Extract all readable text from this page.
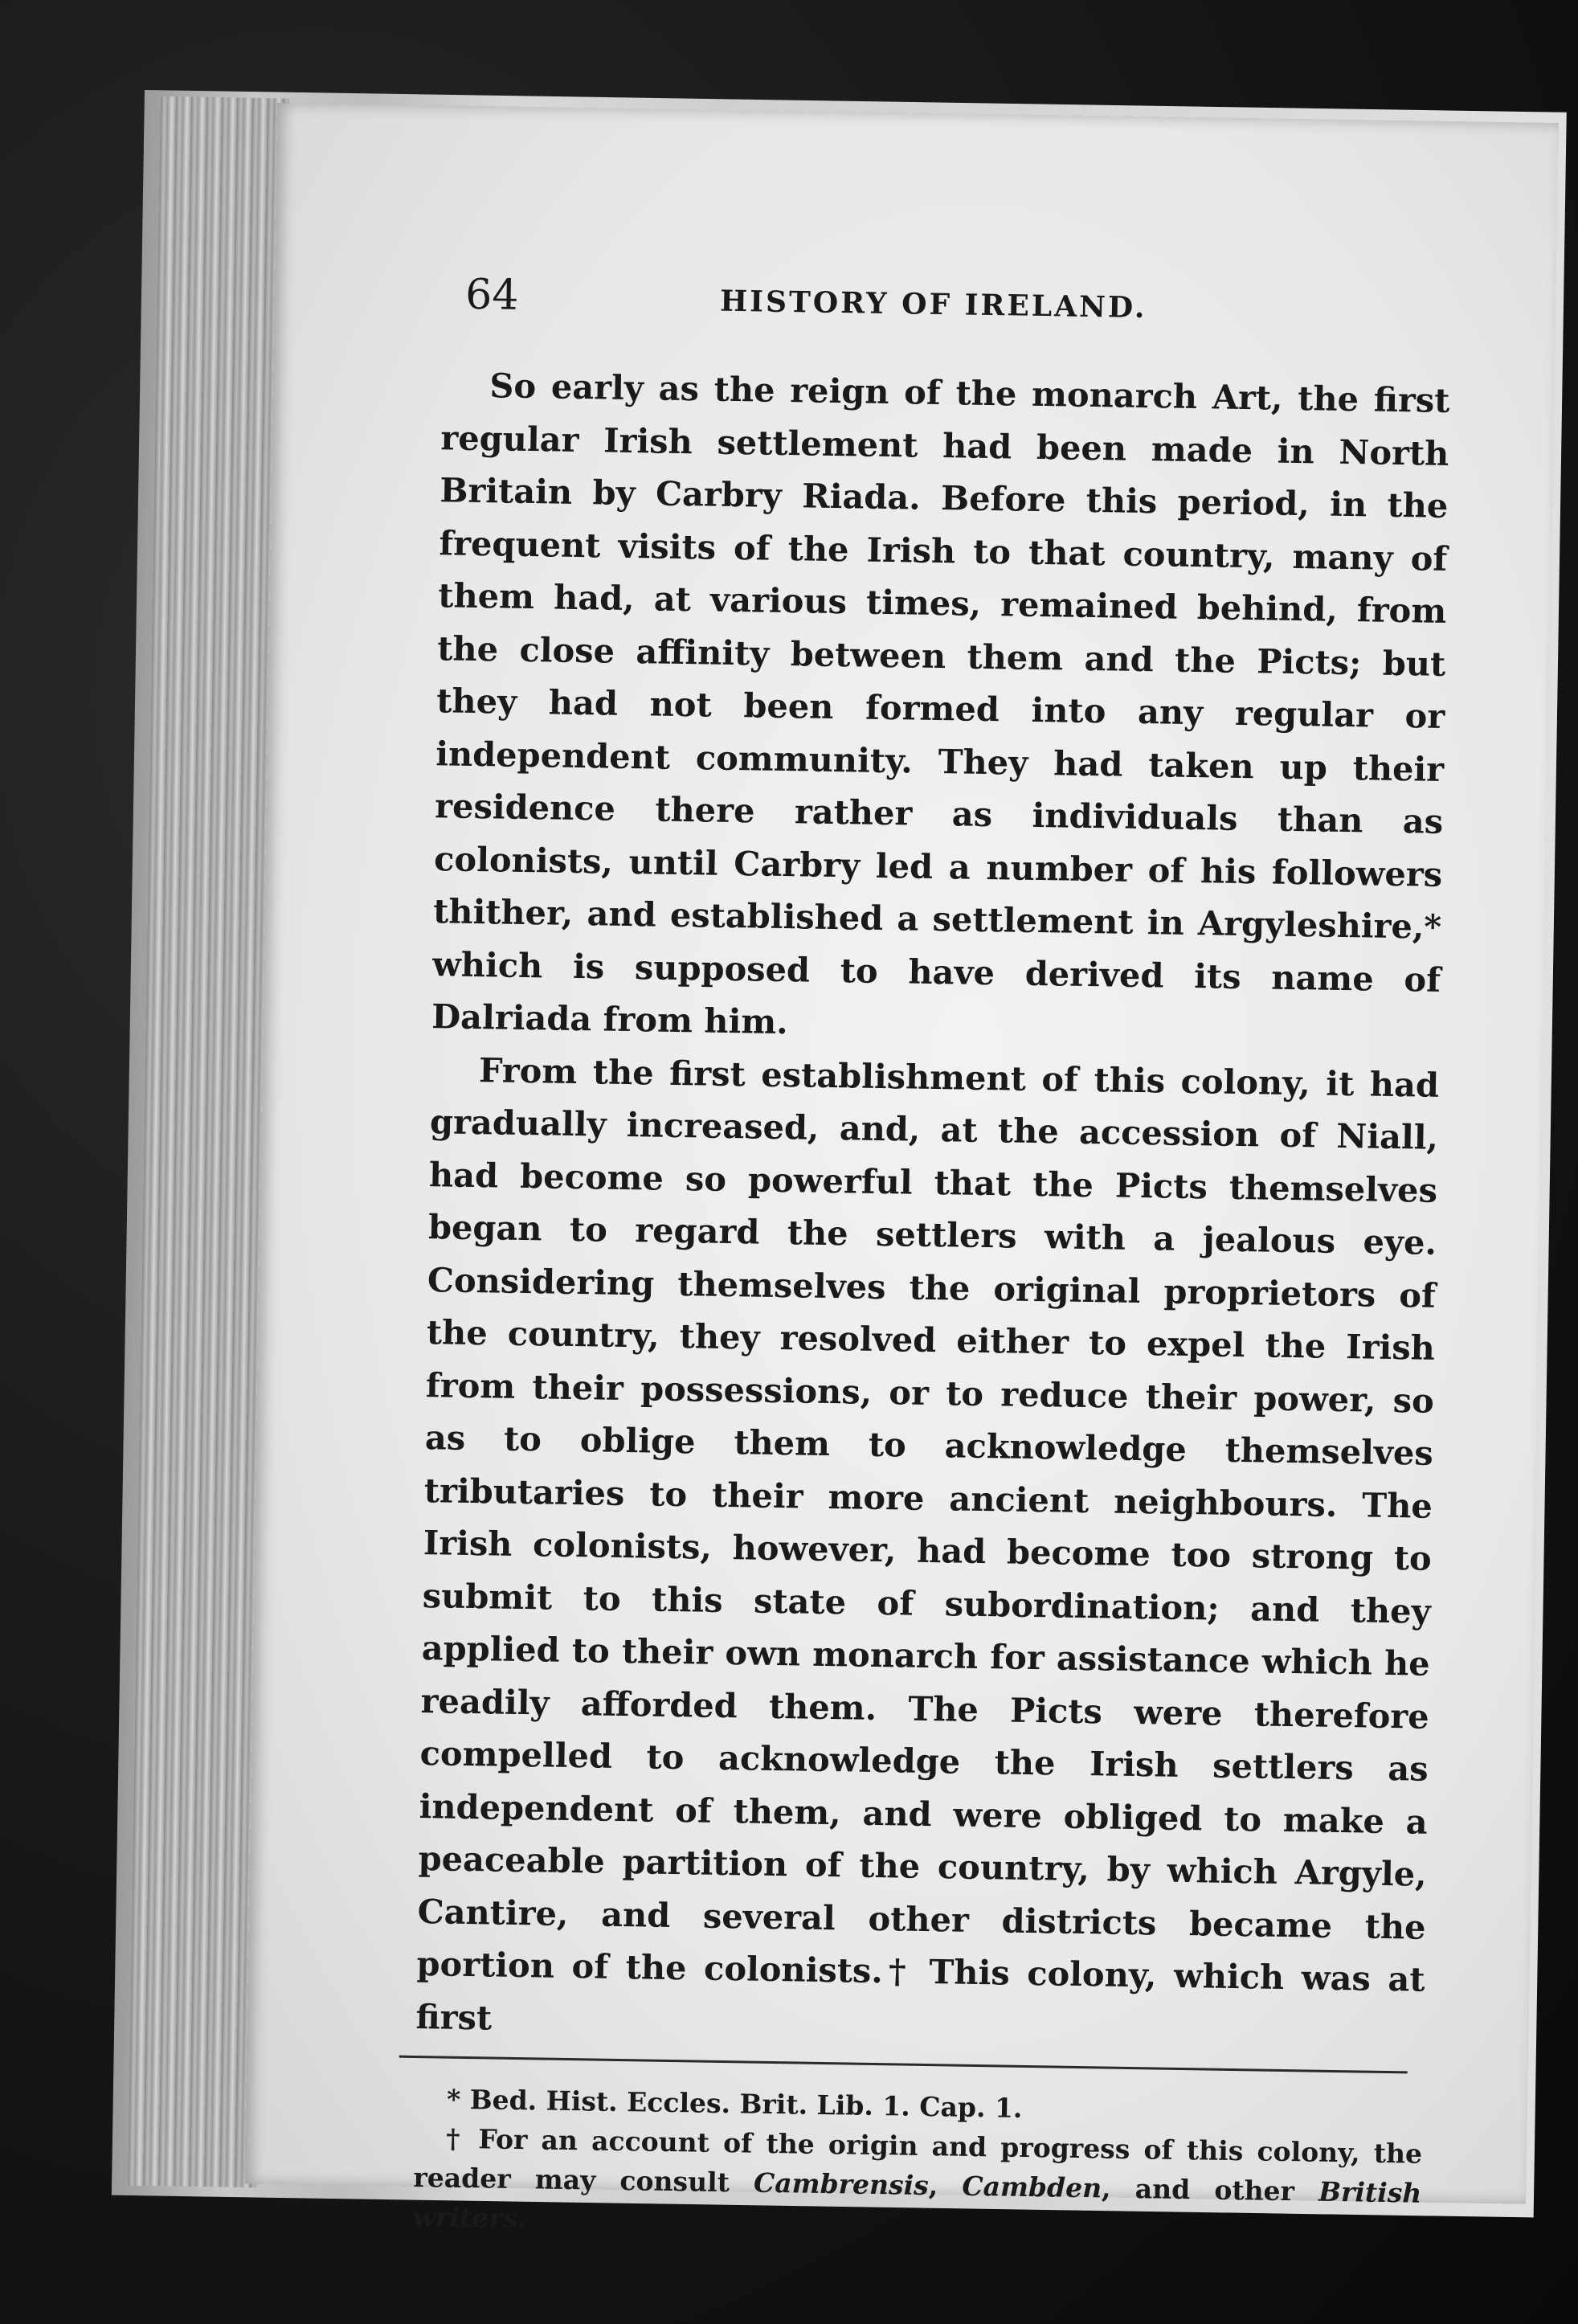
64	HISTORY OF IRELAND.

So early as the reign of the monarch Art, the first regular Irish settlement had been made in North Britain by Carbry Riada. Before this period, in the frequent visits of the Irish to that country, many of them had, at various times, remained behind, from the close affinity between them and the Picts; but they had not been formed into any regular or independent community. They had taken up their residence there rather as individuals than as colonists, until Carbry led a number of his followers thither, and established a settlement in Argyleshire,* which is supposed to have derived its name of Dalriada from him.

From the first establishment of this colony, it had gradually increased, and, at the accession of Niall, had become so powerful that the Picts themselves began to regard the settlers with a jealous eye. Considering themselves the original proprietors of the country, they resolved either to expel the Irish from their possessions, or to reduce their power, so as to oblige them to acknowledge themselves tributaries to their more ancient neighbours. The Irish colonists, however, had become too strong to submit to this state of subordination; and they applied to their own monarch for assistance which he readily afforded them. The Picts were therefore compelled to acknowledge the Irish settlers as independent of them, and were obliged to make a peaceable partition of the country, by which Argyle, Cantire, and several other districts became the portion of the colonists.† This colony, which was at first

* Bed. Hist. Eccles. Brit. Lib. 1. Cap. 1.

† For an account of the origin and progress of this colony, the reader may consult Cambrensis, Cambden, and other British writers.
